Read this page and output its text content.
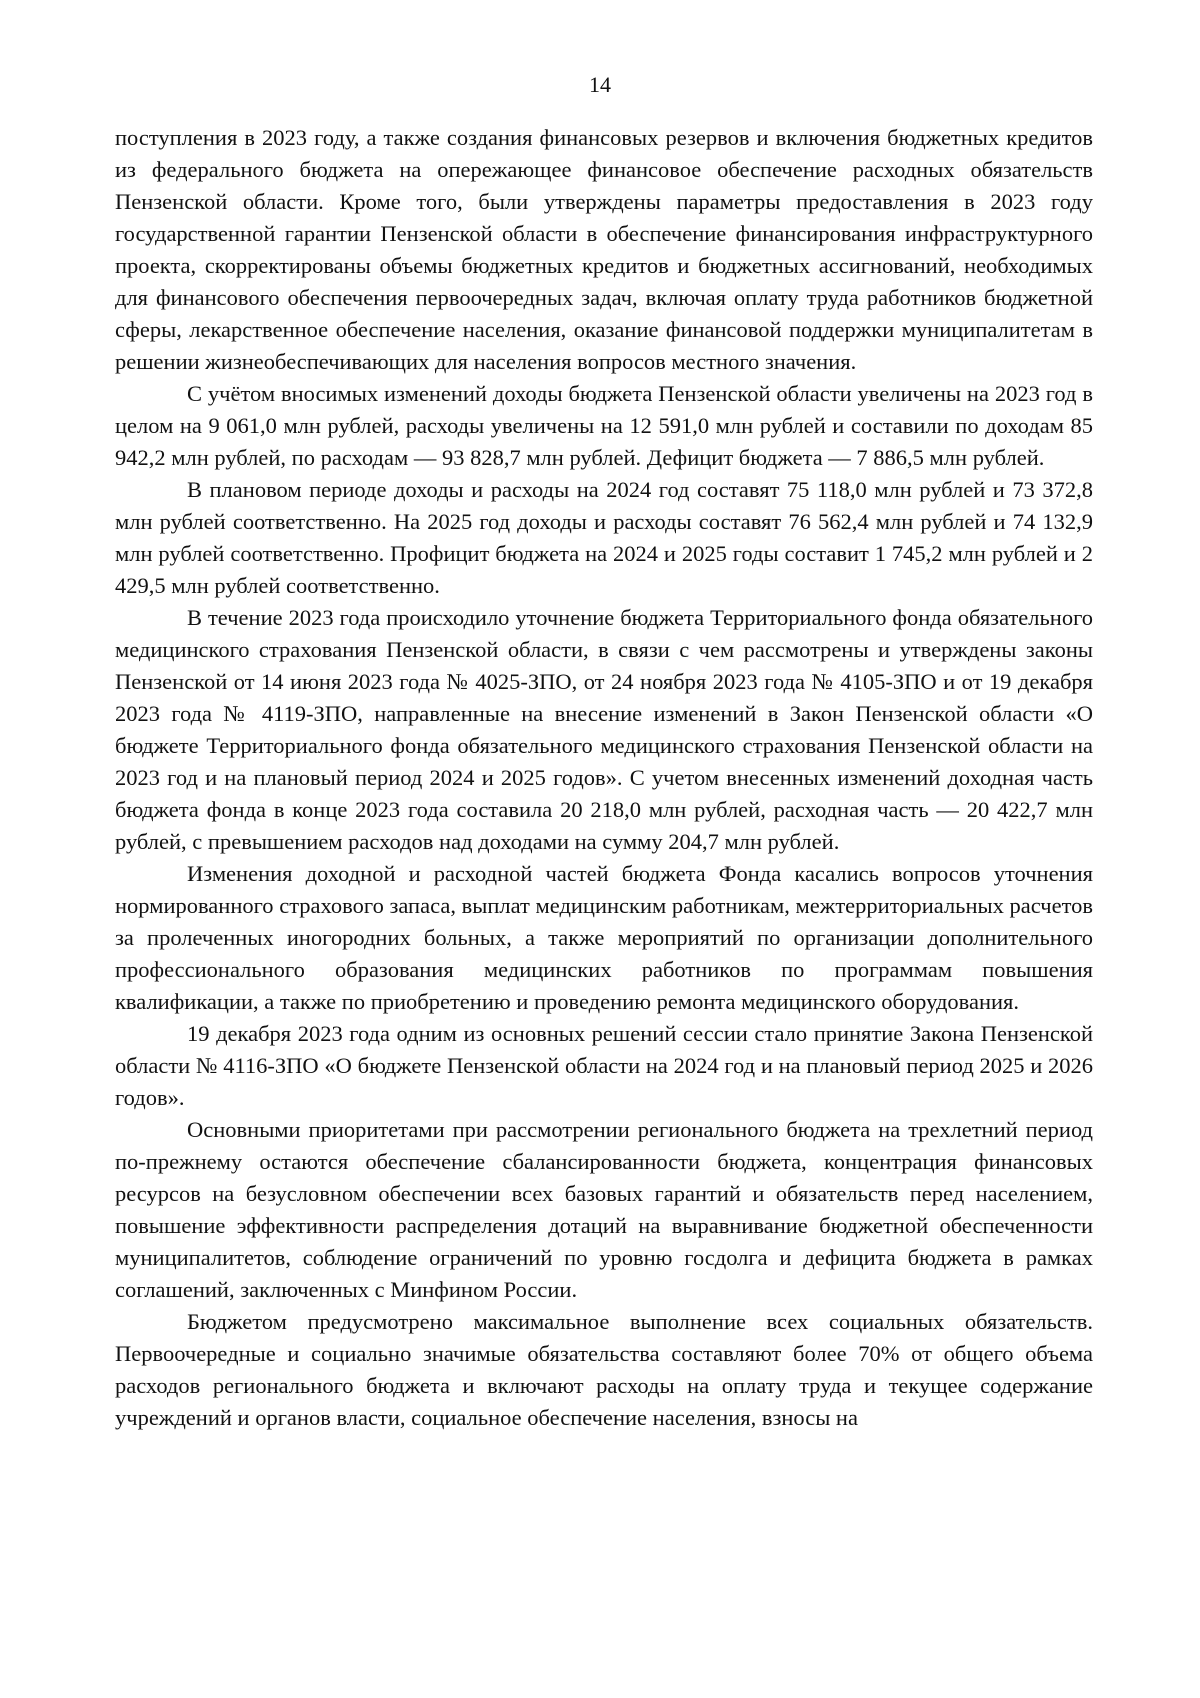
14

поступления в 2023 году, а также создания финансовых резервов и включения бюджетных кредитов из федерального бюджета на опережающее финансовое обеспечение расходных обязательств Пензенской области. Кроме того, были утверждены параметры предоставления в 2023 году государственной гарантии Пензенской области в обеспечение финансирования инфраструктурного проекта, скорректированы объемы бюджетных кредитов и бюджетных ассигнований, необходимых для финансового обеспечения первоочередных задач, включая оплату труда работников бюджетной сферы, лекарственное обеспечение населения, оказание финансовой поддержки муниципалитетам в решении жизнеобеспечивающих для населения вопросов местного значения.

С учётом вносимых изменений доходы бюджета Пензенской области увеличены на 2023 год в целом на 9 061,0 млн рублей, расходы увеличены на 12 591,0 млн рублей и составили по доходам 85 942,2 млн рублей, по расходам — 93 828,7 млн рублей. Дефицит бюджета — 7 886,5 млн рублей.

В плановом периоде доходы и расходы на 2024 год составят 75 118,0 млн рублей и 73 372,8 млн рублей соответственно. На 2025 год доходы и расходы составят 76 562,4 млн рублей и 74 132,9 млн рублей соответственно. Профицит бюджета на 2024 и 2025 годы составит 1 745,2 млн рублей и 2 429,5 млн рублей соответственно.

В течение 2023 года происходило уточнение бюджета Территориального фонда обязательного медицинского страхования Пензенской области, в связи с чем рассмотрены и утверждены законы Пензенской от 14 июня 2023 года № 4025-ЗПО, от 24 ноября 2023 года № 4105-ЗПО и от 19 декабря 2023 года № 4119-ЗПО, направленные на внесение изменений в Закон Пензенской области «О бюджете Территориального фонда обязательного медицинского страхования Пензенской области на 2023 год и на плановый период 2024 и 2025 годов». С учетом внесенных изменений доходная часть бюджета фонда в конце 2023 года составила 20 218,0 млн рублей, расходная часть — 20 422,7 млн рублей, с превышением расходов над доходами на сумму 204,7 млн рублей.

Изменения доходной и расходной частей бюджета Фонда касались вопросов уточнения нормированного страхового запаса, выплат медицинским работникам, межтерриториальных расчетов за пролеченных иногородних больных, а также мероприятий по организации дополнительного профессионального образования медицинских работников по программам повышения квалификации, а также по приобретению и проведению ремонта медицинского оборудования.

19 декабря 2023 года одним из основных решений сессии стало принятие Закона Пензенской области № 4116-ЗПО «О бюджете Пензенской области на 2024 год и на плановый период 2025 и 2026 годов».

Основными приоритетами при рассмотрении регионального бюджета на трехлетний период по-прежнему остаются обеспечение сбалансированности бюджета, концентрация финансовых ресурсов на безусловном обеспечении всех базовых гарантий и обязательств перед населением, повышение эффективности распределения дотаций на выравнивание бюджетной обеспеченности муниципалитетов, соблюдение ограничений по уровню госдолга и дефицита бюджета в рамках соглашений, заключенных с Минфином России.

Бюджетом предусмотрено максимальное выполнение всех социальных обязательств. Первоочередные и социально значимые обязательства составляют более 70% от общего объема расходов регионального бюджета и включают расходы на оплату труда и текущее содержание учреждений и органов власти, социальное обеспечение населения, взносы на
